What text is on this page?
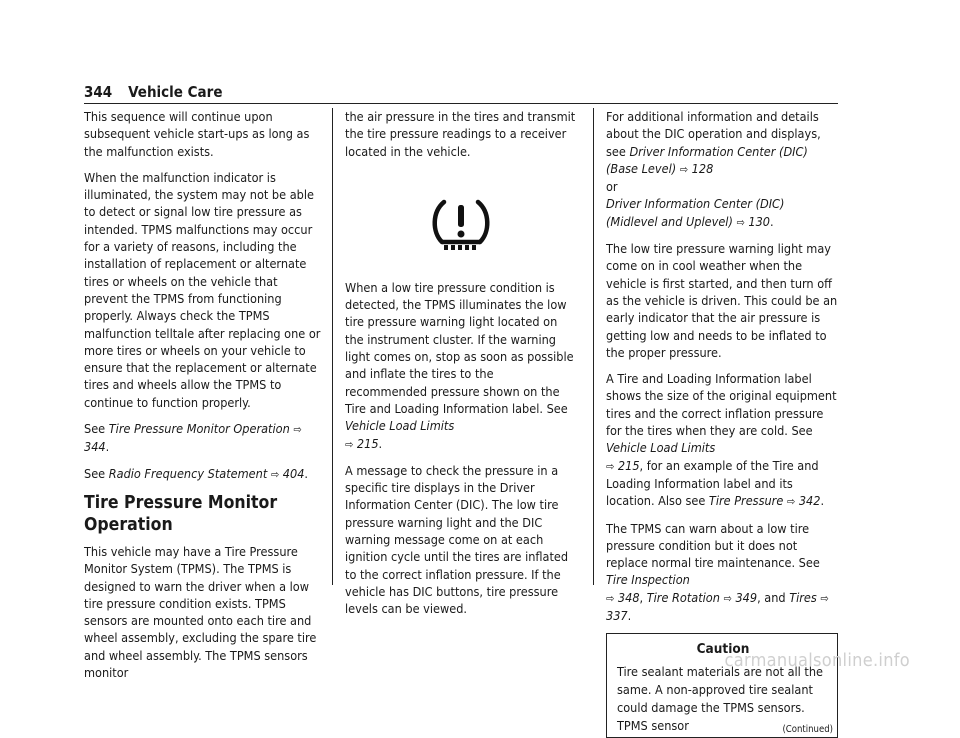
344 Vehicle Care

This sequence will continue upon subsequent vehicle start-ups as long as the malfunction exists.

When the malfunction indicator is illuminated, the system may not be able to detect or signal low tire pressure as intended. TPMS malfunctions may occur for a variety of reasons, including the installation of replacement or alternate tires or wheels on the vehicle that prevent the TPMS from functioning properly. Always check the TPMS malfunction telltale after replacing one or more tires or wheels on your vehicle to ensure that the replacement or alternate tires and wheels allow the TPMS to continue to function properly.

See Tire Pressure Monitor Operation ⇨ 344.

See Radio Frequency Statement ⇨ 404.

Tire Pressure Monitor Operation

This vehicle may have a Tire Pressure Monitor System (TPMS). The TPMS is designed to warn the driver when a low tire pressure condition exists. TPMS sensors are mounted onto each tire and wheel assembly, excluding the spare tire and wheel assembly. The TPMS sensors monitor

the air pressure in the tires and transmit the tire pressure readings to a receiver located in the vehicle.

When a low tire pressure condition is detected, the TPMS illuminates the low tire pressure warning light located on the instrument cluster. If the warning light comes on, stop as soon as possible and inflate the tires to the recommended pressure shown on the Tire and Loading Information label. See Vehicle Load Limits
⇨ 215.

A message to check the pressure in a specific tire displays in the Driver Information Center (DIC). The low tire pressure warning light and the DIC warning message come on at each ignition cycle until the tires are inflated to the correct inflation pressure. If the vehicle has DIC buttons, tire pressure levels can be viewed.

For additional information and details about the DIC operation and displays, see Driver Information Center (DIC) (Base Level) ⇨ 128
or
Driver Information Center (DIC) (Midlevel and Uplevel) ⇨ 130.

The low tire pressure warning light may come on in cool weather when the vehicle is first started, and then turn off as the vehicle is driven. This could be an early indicator that the air pressure is getting low and needs to be inflated to the proper pressure.

A Tire and Loading Information label shows the size of the original equipment tires and the correct inflation pressure for the tires when they are cold. See Vehicle Load Limits
⇨ 215, for an example of the Tire and Loading Information label and its location. Also see Tire Pressure ⇨ 342.

The TPMS can warn about a low tire pressure condition but it does not replace normal tire maintenance. See Tire Inspection
⇨ 348, Tire Rotation ⇨ 349, and Tires ⇨ 337.

Caution
Tire sealant materials are not all the same. A non-approved tire sealant could damage the TPMS sensors. TPMS sensor	(Continued)
carmanualsonline.info
